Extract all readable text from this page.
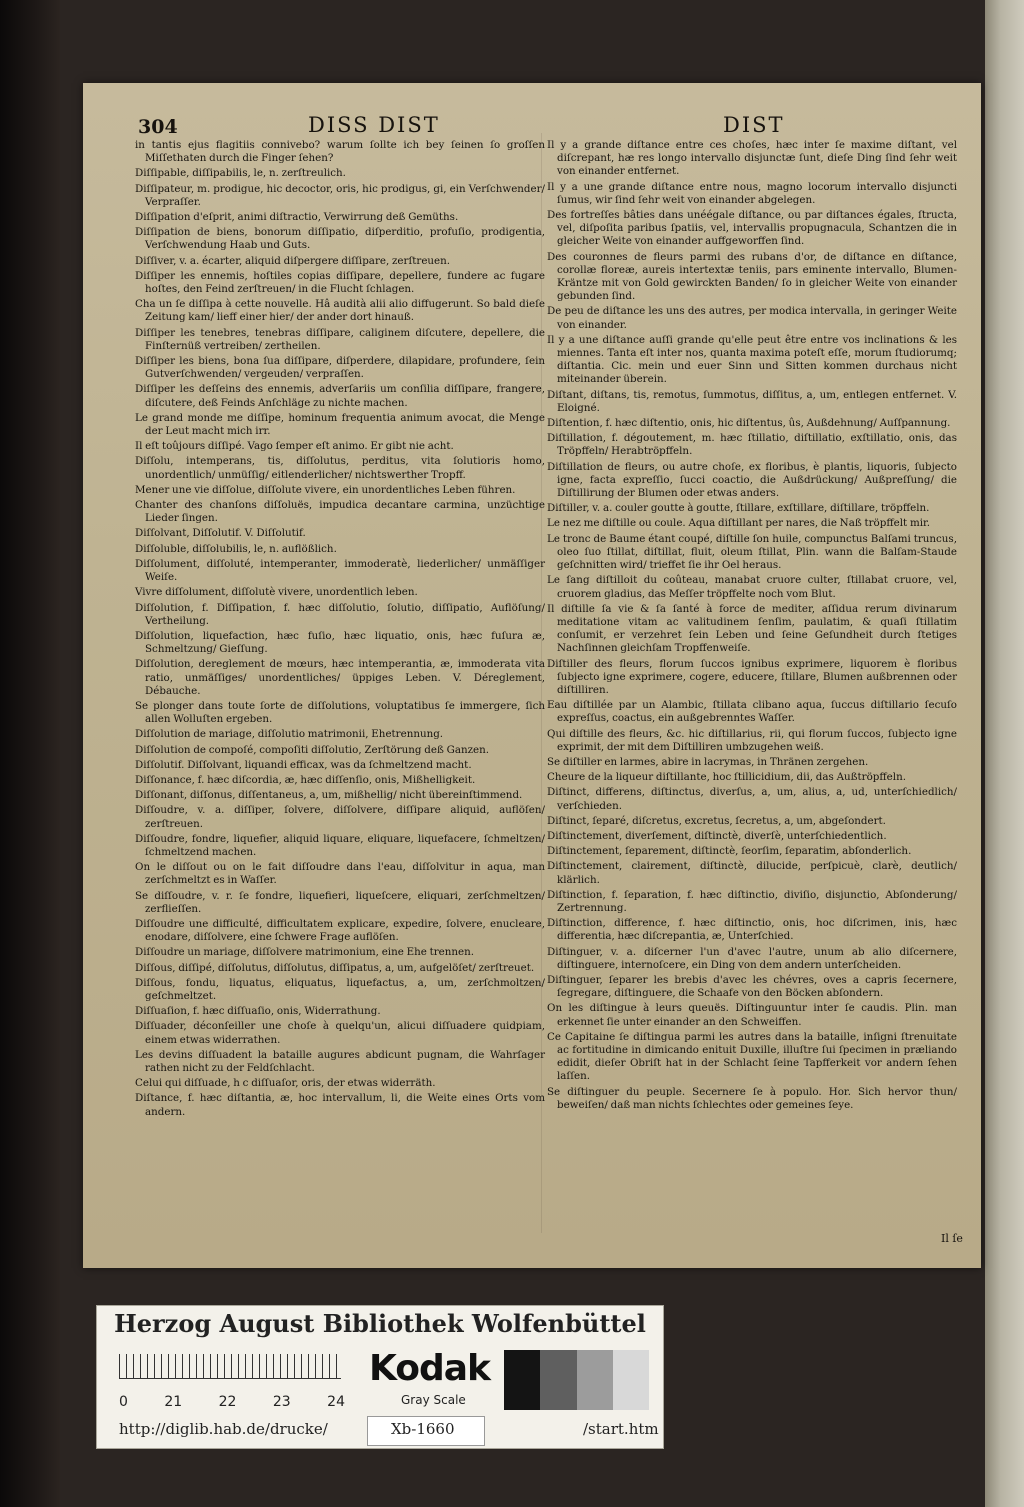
304	DISS DIST	DIST
in tantis ejus flagitiis connivebo? warum ſollte ich bey ſeinen ſo groſſen Miſſethaten durch die Finger ſehen?
Diſſipable, diſſipabilis, le, n. zerſtreulich.
Diſſipateur, m. prodigue, hic decoctor, oris, hic prodigus, gi, ein Verſchwender/ Verpraſſer.
Diſſipation d'eſprit, animi diſtractio, Verwirrung deß Gemüths.
Diſſipation de biens, bonorum diſſipatio, diſperditio, profuſio, prodigentia, Verſchwendung Haab und Guts.
Diſſiver, v. a. écarter, aliquid diſpergere diſſipare, zerſtreuen.
Diſſiper les ennemis, hoſtiles copias diſſipare, depellere, fundere ac fugare hoſtes, den Feind zerſtreuen/ in die Flucht ſchlagen.
Cha un ſe diſſipa à cette nouvelle. Hâ audità alii alio diffugerunt. So bald dieſe Zeitung kam/ lieff einer hier/ der ander dort hinauß.
Diſſiper les tenebres, tenebras diſſipare, caliginem diſcutere, depellere, die Finſternüß vertreiben/ zertheilen.
Diſſiper les biens, bona ſua diſſipare, diſperdere, dilapidare, profundere, ſein Gutverſchwenden/ vergeuden/ verpraſſen.
Diſſiper les deſſeins des ennemis, adverſariis um conſilia diſſipare, frangere, diſcutere, deß Feinds Anſchläge zu nichte machen.
Le grand monde me diſſipe, hominum frequentia animum avocat, die Menge der Leut macht mich irr.
Il eſt toûjours diſſipé. Vago ſemper eſt animo. Er gibt nie acht.
Diſſolu, intemperans, tis, diſſolutus, perditus, vita ſolutioris homo, unordentlich/ unmüſſig/ eitlenderlicher/ nichtswerther Tropff.
Mener une vie diſſolue, diſſolute vivere, ein unordentliches Leben führen.
Chanter des chanſons diſſoluës, impudica decantare carmina, unzüchtige Lieder ſingen.
Diſſolvant, Diſſolutif. V. Diſſolutif.
Diſſoluble, diſſolubilis, le, n. auflößlich.
Diſſolument, diſſoluté, intemperanter, immoderatè, liederlicher/ unmäſſiger Weiſe.
Vivre diſſolument, diſſolutè vivere, unordentlich leben.
Diſſolution, f. Diſſipation, f. hæc diſſolutio, ſolutio, diſſipatio, Auflöſung/ Vertheilung.
Diſſolution, liquefaction, hæc fuſio, hæc liquatio, onis, hæc fuſura æ, Schmeltzung/ Gieſſung.
Diſſolution, dereglement de mœurs, hæc intemperantia, æ, immoderata vita ratio, unmäſſiges/ unordentliches/ üppiges Leben. V. Déreglement, Débauche.
Se plonger dans toute ſorte de diſſolutions, voluptatibus ſe immergere, ſich allen Wolluſten ergeben.
Diſſolution de mariage, diſſolutio matrimonii, Ehetrennung.
Diſſolution de compoſé, compoſiti diſſolutio, Zerſtörung deß Ganzen.
Diſſolutif. Diſſolvant, liquandi efficax, was da ſchmeltzend macht.
Diſſonance, f. hæc diſcordia, æ, hæc diſſenſio, onis, Mißhelligkeit.
Diſſonant, diſſonus, diſſentaneus, a, um, mißhellig/ nicht übereinſtimmend.
Diſſoudre, v. a. diſſiper, ſolvere, diſſolvere, diſſipare aliquid, auflöſen/ zerſtreuen.
Diſſoudre, fondre, liquefier, aliquid liquare, eliquare, liquefacere, ſchmeltzen/ ſchmeltzend machen.
On le diſſout ou on le fait diſſoudre dans l'eau, diſſolvitur in aqua, man zerſchmeltzt es in Waſſer.
Se diſſoudre, v. r. ſe fondre, liquefieri, liqueſcere, eliquari, zerſchmeltzen/ zerflieſſen.
Diſſoudre une difficulté, difficultatem explicare, expedire, ſolvere, enucleare, enodare, diſſolvere, eine ſchwere Frage auflöſen.
Diſſoudre un mariage, diſſolvere matrimonium, eine Ehe trennen.
Diſſous, diſſipé, diſſolutus, diſſolutus, diſſipatus, a, um, aufgelöſet/ zerſtreuet.
Diſſous, fondu, liquatus, eliquatus, liquefactus, a, um, zerſchmoltzen/ geſchmeltzet.
Diſſuaſion, f. hæc diſſuaſio, onis, Widerrathung.
Diſſuader, déconſeiller une choſe à quelqu'un, alicui diſſuadere quidpiam, einem etwas widerrathen.
Les devins diſſuadent la bataille augures abdicunt pugnam, die Wahrſager rathen nicht zu der Feldſchlacht.
Celui qui diſſuade, h c diſſuaſor, oris, der etwas widerräth.
Diſtance, f. hæc diſtantia, æ, hoc intervallum, li, die Weite eines Orts vom andern.
Il y a grande diſtance entre ces choſes, hæc inter ſe maxime diſtant, vel diſcrepant, hæ res longo intervallo disjunctæ ſunt, dieſe Ding ſind ſehr weit von einander entfernet.
Il y a une grande diſtance entre nous, magno locorum intervallo disjuncti ſumus, wir ſind ſehr weit von einander abgelegen.
Des fortreſſes bâties dans unéégale diſtance, ou par diſtances égales, ſtructa, vel, diſpoſita paribus ſpatiis, vel, intervallis propugnacula, Schantzen die in gleicher Weite von einander auffgeworffen ſind.
Des couronnes de fleurs parmi des rubans d'or, de diſtance en diſtance, corollæ floreæ, aureis intertextæ teniis, pars eminente intervallo, Blumen-Kräntze mit von Gold gewirckten Banden/ ſo in gleicher Weite von einander gebunden ſind.
De peu de diſtance les uns des autres, per modica intervalla, in geringer Weite von einander.
Il y a une diſtance auſſi grande qu'elle peut être entre vos inclinations & les miennes. Tanta eſt inter nos, quanta maxima poteſt eſſe, morum ſtudiorumq; diſtantia. Cic. mein und euer Sinn und Sitten kommen durchaus nicht miteinander überein.
Diſtant, diſtans, tis, remotus, ſummotus, diſſitus, a, um, entlegen entfernet. V. Eloigné.
Diſtention, f. hæc diſtentio, onis, hic diſtentus, ûs, Außdehnung/ Auſſpannung.
Diſtillation, f. dégoutement, m. hæc ſtillatio, diſtillatio, exſtillatio, onis, das Tröpffeln/ Herabtröpffeln.
Diſtillation de fleurs, ou autre choſe, ex floribus, è plantis, liquoris, ſubjecto igne, facta expreſſio, ſucci coactio, die Außdrückung/ Außpreſſung/ die Diſtillirung der Blumen oder etwas anders.
Diſtiller, v. a. couler goutte à goutte, ſtillare, exſtillare, diſtillare, tröpffeln.
Le nez me diſtille ou coule. Aqua diſtillant per nares, die Naß tröpffelt mir.
Le tronc de Baume étant coupé, diſtille ſon huile, compunctus Balſami truncus, oleo ſuo ſtillat, diſtillat, fluit, oleum ſtillat, Plin. wann die Balſam-Staude geſchnitten wird/ trieffet ſie ihr Oel heraus.
Le ſang diſtilloit du coûteau, manabat cruore culter, ſtillabat cruore, vel, cruorem gladius, das Meſſer tröpffelte noch vom Blut.
Il diſtille ſa vie & ſa ſanté à force de mediter, aſſidua rerum divinarum meditatione vitam ac valitudinem ſenſim, paulatim, & quaſi ſtillatim conſumit, er verzehret ſein Leben und ſeine Geſundheit durch ſtetiges Nachſinnen gleichſam Tropffenweiſe.
Diſtiller des fleurs, florum ſuccos ignibus exprimere, liquorem è floribus ſubjecto igne exprimere, cogere, educere, ſtillare, Blumen außbrennen oder diſtilliren.
Eau diſtillée par un Alambic, ſtillata clibano aqua, ſuccus diſtillario ſecuſo expreſſus, coactus, ein außgebrenntes Waſſer.
Qui diſtille des fleurs, &c. hic diſtillarius, rii, qui florum ſuccos, ſubjecto igne exprimit, der mit dem Diſtilliren umbzugehen weiß.
Se diſtiller en larmes, abire in lacrymas, in Thränen zergehen.
Cheure de la liqueur diſtillante, hoc ſtillicidium, dii, das Außtröpffeln.
Diſtinct, differens, diſtinctus, diverſus, a, um, alius, a, ud, unterſchiedlich/ verſchieden.
Diſtinct, ſeparé, diſcretus, excretus, ſecretus, a, um, abgeſondert.
Diſtinctement, diverſement, diſtinctè, diverſè, unterſchiedentlich.
Diſtinctement, ſeparement, diſtinctè, ſeorſim, ſeparatim, abſonderlich.
Diſtinctement, clairement, diſtinctè, dilucide, perſpicuè, clarè, deutlich/ klärlich.
Diſtinction, f. ſeparation, f. hæc diſtinctio, diviſio, disjunctio, Abſonderung/ Zertrennung.
Diſtinction, difference, f. hæc diſtinctio, onis, hoc diſcrimen, inis, hæc differentia, hæc diſcrepantia, æ, Unterſchied.
Diſtinguer, v. a. diſcerner l'un d'avec l'autre, unum ab alio diſcernere, diſtinguere, internoſcere, ein Ding von dem andern unterſcheiden.
Diſtinguer, ſeparer les brebis d'avec les chévres, oves a capris ſecernere, ſegregare, diſtinguere, die Schaafe von den Böcken abſondern.
On les diſtingue à leurs queuës. Diſtinguuntur inter ſe caudis. Plin. man erkennet ſie unter einander an den Schweiffen.
Ce Capitaine ſe diſtingua parmi les autres dans la bataille, inſigni ſtrenuitate ac fortitudine in dimicando enituit Duxille, illuſtre ſui ſpecimen in præliando edidit, dieſer Obriſt hat in der Schlacht ſeine Tapfferkeit vor andern ſehen laſſen.
Se diſtinguer du peuple. Secernere ſe à populo. Hor. Sich hervor thun/ beweiſen/ daß man nichts ſchlechtes oder gemeines ſeye.
Il ſe
Herzog August Bibliothek Wolfenbüttel
0	21	22	23	24
Kodak
Gray Scale
http://diglib.hab.de/drucke/	Xb-1660	/start.htm
